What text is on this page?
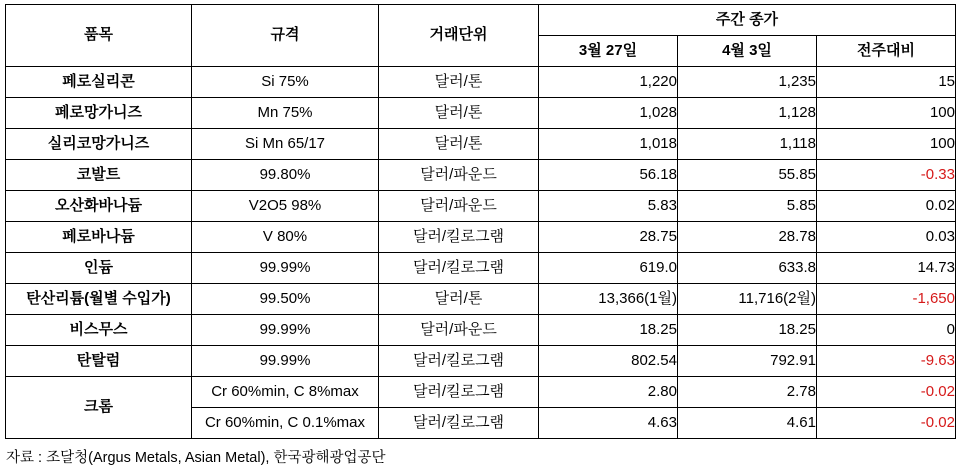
품목	규격	거래단위	주간 종가		
			3월 27일	4월 3일	전주대비
페로실리콘	Si 75%	달러/톤	1,220	1,235	15
페로망가니즈	Mn 75%	달러/톤	1,028	1,128	100
실리코망가니즈	Si Mn 65/17	달러/톤	1,018	1,118	100
코발트	99.80%	달러/파운드	56.18	55.85	-0.33
오산화바나듐	V2O5 98%	달러/파운드	5.83	5.85	0.02
페로바나듐	V 80%	달러/킬로그램	28.75	28.78	0.03
인듐	99.99%	달러/킬로그램	619.0	633.8	14.73
탄산리튬(월별 수입가)	99.50%	달러/톤	13,366(1월)	11,716(2월)	-1,650
비스무스	99.99%	달러/파운드	18.25	18.25	0
탄탈럼	99.99%	달러/킬로그램	802.54	792.91	-9.63
크롬	Cr 60%min, C 8%max	달러/킬로그램	2.80	2.78	-0.02
	Cr 60%min, C 0.1%max	달러/킬로그램	4.63	4.61	-0.02
자료 : 조달청(Argus Metals, Asian Metal), 한국광해광업공단
